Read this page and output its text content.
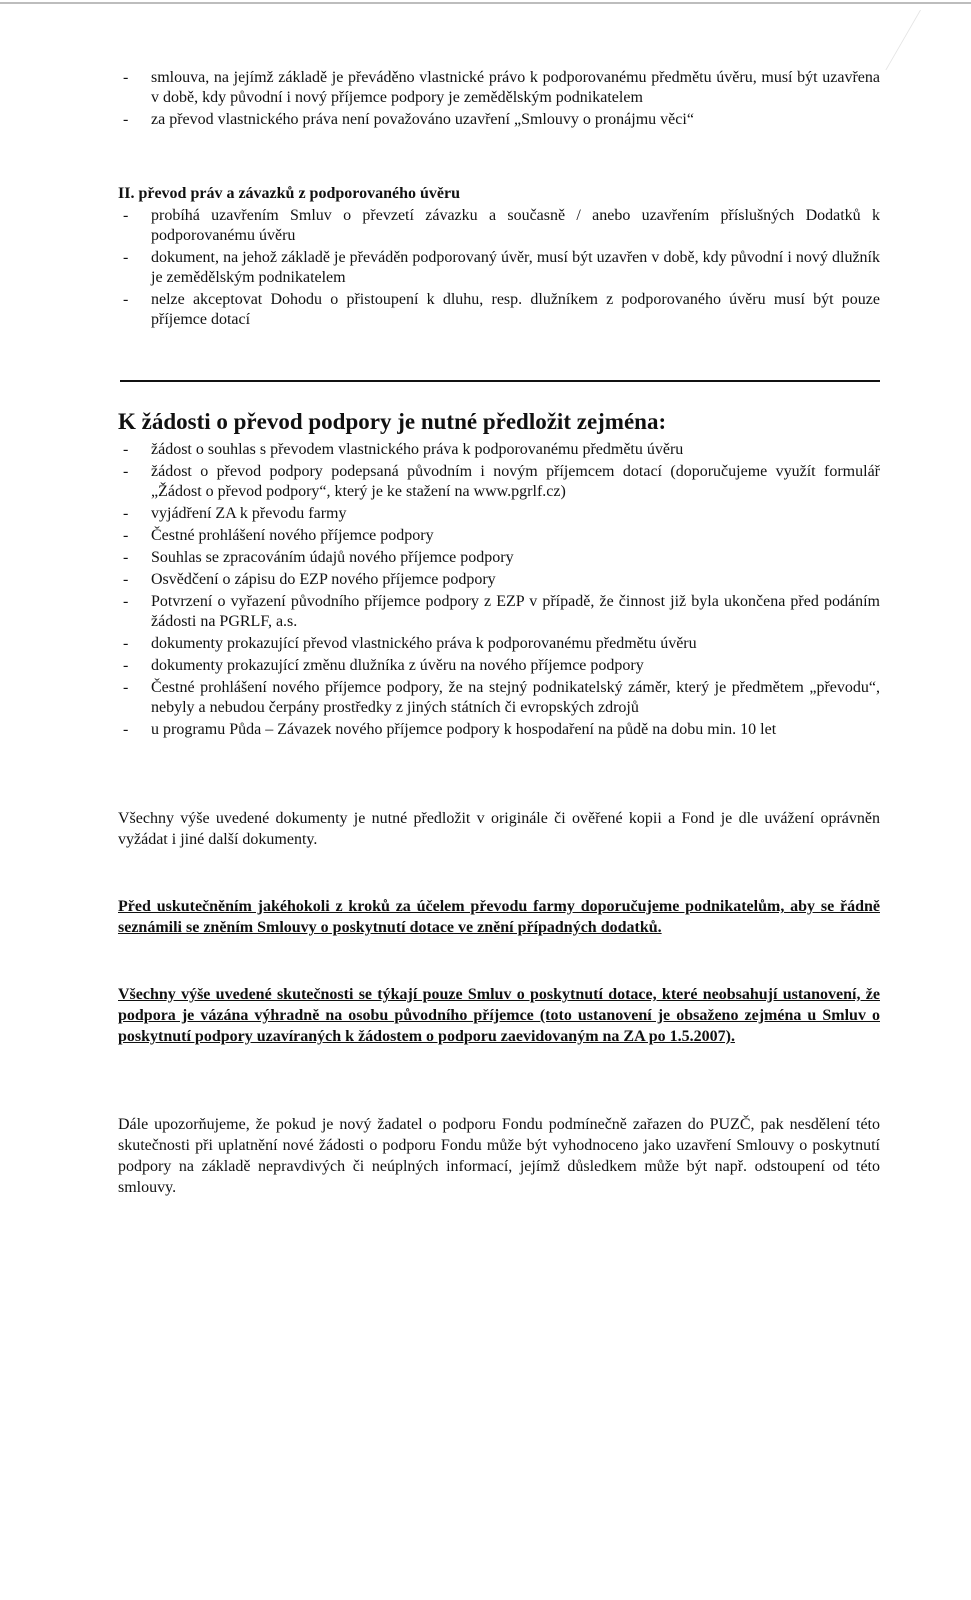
- smlouva, na jejímž základě je převáděno vlastnické právo k podporovanému předmětu úvěru, musí být uzavřena v době, kdy původní i nový příjemce podpory je zemědělským podnikatelem
- za převod vlastnického práva není považováno uzavření „Smlouvy o pronájmu věci“

II. převod práv a závazků z podporovaného úvěru

- probíhá uzavřením Smluv o převzetí závazku a současně / anebo uzavřením příslušných Dodatků k podporovanému úvěru
- dokument, na jehož základě je převáděn podporovaný úvěr, musí být uzavřen v době, kdy původní i nový dlužník je zemědělským podnikatelem
- nelze akceptovat Dohodu o přistoupení k dluhu, resp. dlužníkem z podporovaného úvěru musí být pouze příjemce dotací

K žádosti o převod podpory je nutné předložit zejména:

- žádost o souhlas s převodem vlastnického práva k podporovanému předmětu úvěru
- žádost o převod podpory podepsaná původním i novým příjemcem dotací (doporučujeme využít formulář „Žádost o převod podpory“, který je ke stažení na www.pgrlf.cz)
- vyjádření ZA k převodu farmy
- Čestné prohlášení nového příjemce podpory
- Souhlas se zpracováním údajů nového příjemce podpory
- Osvědčení o zápisu do EZP nového příjemce podpory
- Potvrzení o vyřazení původního příjemce podpory z EZP v případě, že činnost již byla ukončena před podáním žádosti na PGRLF, a.s.
- dokumenty prokazující převod vlastnického práva k podporovanému předmětu úvěru
- dokumenty prokazující změnu dlužníka z úvěru na nového příjemce podpory
- Čestné prohlášení nového příjemce podpory, že na stejný podnikatelský záměr, který je předmětem „převodu“, nebyly a nebudou čerpány prostředky z jiných státních či evropských zdrojů
- u programu Půda – Závazek nového příjemce podpory k hospodaření na půdě na dobu min. 10 let

Všechny výše uvedené dokumenty je nutné předložit v originále či ověřené kopii a Fond je dle uvážení oprávněn vyžádat i jiné další dokumenty.

Před uskutečněním jakéhokoli z kroků za účelem převodu farmy doporučujeme podnikatelům, aby se řádně seznámili se zněním Smlouvy o poskytnutí dotace ve znění případných dodatků.

Všechny výše uvedené skutečnosti se týkají pouze Smluv o poskytnutí dotace, které neobsahují ustanovení, že podpora je vázána výhradně na osobu původního příjemce (toto ustanovení je obsaženo zejména u Smluv o poskytnutí podpory uzavíraných k žádostem o podporu zaevidovaným na ZA po 1.5.2007).

Dále upozorňujeme, že pokud je nový žadatel o podporu Fondu podmínečně zařazen do PUZČ, pak nesdělení této skutečnosti při uplatnění nové žádosti o podporu Fondu může být vyhodnoceno jako uzavření Smlouvy o poskytnutí podpory na základě nepravdivých či neúplných informací, jejímž důsledkem může být např. odstoupení od této smlouvy.
